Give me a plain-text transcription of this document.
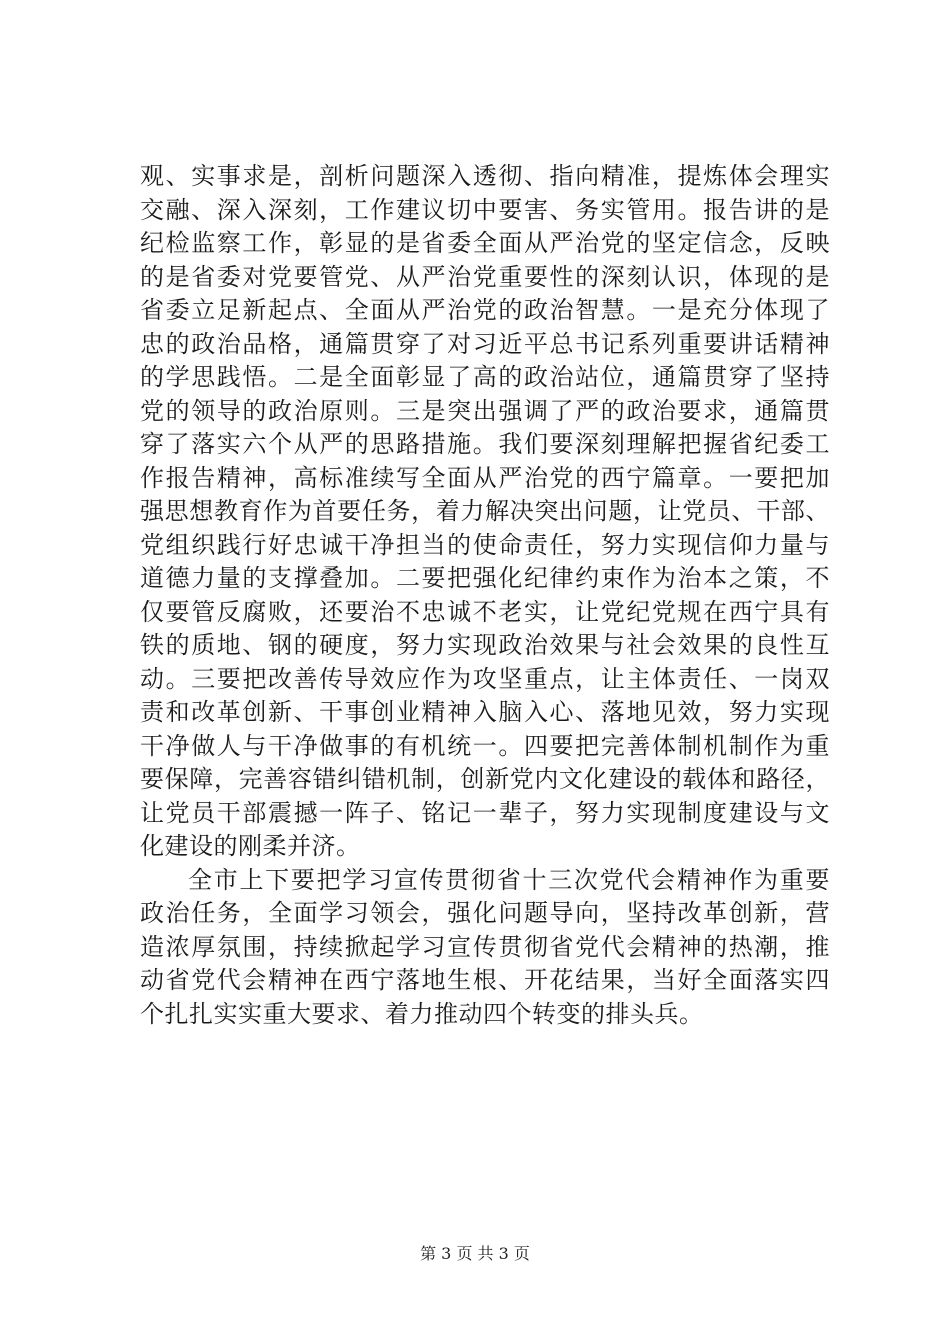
观、实事求是，剖析问题深入透彻、指向精准，提炼体会理实
交融、深入深刻，工作建议切中要害、务实管用。报告讲的是
纪检监察工作，彰显的是省委全面从严治党的坚定信念，反映
的是省委对党要管党、从严治党重要性的深刻认识，体现的是
省委立足新起点、全面从严治党的政治智慧。一是充分体现了
忠的政治品格，通篇贯穿了对习近平总书记系列重要讲话精神
的学思践悟。二是全面彰显了高的政治站位，通篇贯穿了坚持
党的领导的政治原则。三是突出强调了严的政治要求，通篇贯
穿了落实六个从严的思路措施。我们要深刻理解把握省纪委工
作报告精神，高标准续写全面从严治党的西宁篇章。一要把加
强思想教育作为首要任务，着力解决突出问题，让党员、干部、
党组织践行好忠诚干净担当的使命责任，努力实现信仰力量与
道德力量的支撑叠加。二要把强化纪律约束作为治本之策，不
仅要管反腐败，还要治不忠诚不老实，让党纪党规在西宁具有
铁的质地、钢的硬度，努力实现政治效果与社会效果的良性互
动。三要把改善传导效应作为攻坚重点，让主体责任、一岗双
责和改革创新、干事创业精神入脑入心、落地见效，努力实现
干净做人与干净做事的有机统一。四要把完善体制机制作为重
要保障，完善容错纠错机制，创新党内文化建设的载体和路径，
让党员干部震撼一阵子、铭记一辈子，努力实现制度建设与文
化建设的刚柔并济。
全市上下要把学习宣传贯彻省十三次党代会精神作为重要
政治任务，全面学习领会，强化问题导向，坚持改革创新，营
造浓厚氛围，持续掀起学习宣传贯彻省党代会精神的热潮，推
动省党代会精神在西宁落地生根、开花结果，当好全面落实四
个扎扎实实重大要求、着力推动四个转变的排头兵。
第 3 页 共 3 页
